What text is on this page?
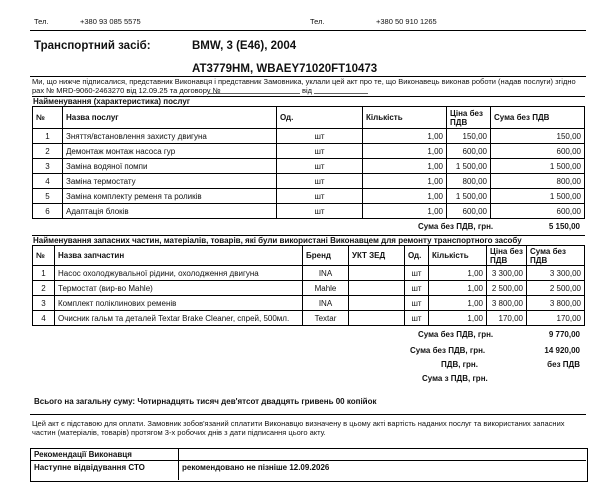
Тел.	+380 93 085 5575	Тел.	+380 50 910 1265
Транспортний засіб:	BMW, 3 (E46), 2004
AT3779HM, WBAEY71020FT10473
Ми, що нижче підписалися, представник Виконавця і представник Замовника, уклали цей акт про те, що Виконавець виконав роботи (надав послуги) згідно
рах № MRD-9060-2463270 від 12.09.25 та договору №	від
Найменування (характеристика) послуг
№	Назва послуг	Од.	Кількість	Ціна без ПДВ	Сума без ПДВ
1	Зняття/встановлення захисту двигуна	шт	1,00	150,00	150,00
2	Демонтаж монтаж насоса гур	шт	1,00	600,00	600,00
3	Заміна водяної помпи	шт	1,00	1 500,00	1 500,00
4	Заміна термостату	шт	1,00	800,00	800,00
5	Заміна комплекту ременя та роликів	шт	1,00	1 500,00	1 500,00
6	Адаптація блоків	шт	1,00	600,00	600,00
Сума без ПДВ, грн.	5 150,00
Найменування запасних частин, матеріалів, товарів, які були використані Виконавцем для ремонту транспортного засобу
№	Назва запчастин	Бренд	УКТ ЗЕД	Од.	Кількість	Ціна без ПДВ	Сума без ПДВ
1	Насос охолоджувальної рідини, охолодження двигуна	INA		шт	1,00	3 300,00	3 300,00
2	Термостат (вир-во Mahle)	Mahle		шт	1,00	2 500,00	2 500,00
3	Комплект поліклинових ременів	INA		шт	1,00	3 800,00	3 800,00
4	Очисник гальм та деталей Textar Brake Cleaner, спрей, 500мл.	Textar		шт	1,00	170,00	170,00
Сума без ПДВ, грн.	9 770,00
Сума без ПДВ, грн.	14 920,00
ПДВ, грн.	без ПДВ
Сума з ПДВ, грн.
Всього на загальну суму: Чотирнадцять тисяч дев'ятсот двадцять гривень 00 копійок
Цей акт є підставою для оплати. Замовник зобов'язаний сплатити Виконавцю визначену в цьому акті вартість наданих послуг та використаних запасних
частин (матеріалів, товарів) протягом 3-х робочих днів з дати підписання цього акту.
Рекомендації Виконавця
Наступне відвідування СТО	рекомендовано не пізніше 12.09.2026
